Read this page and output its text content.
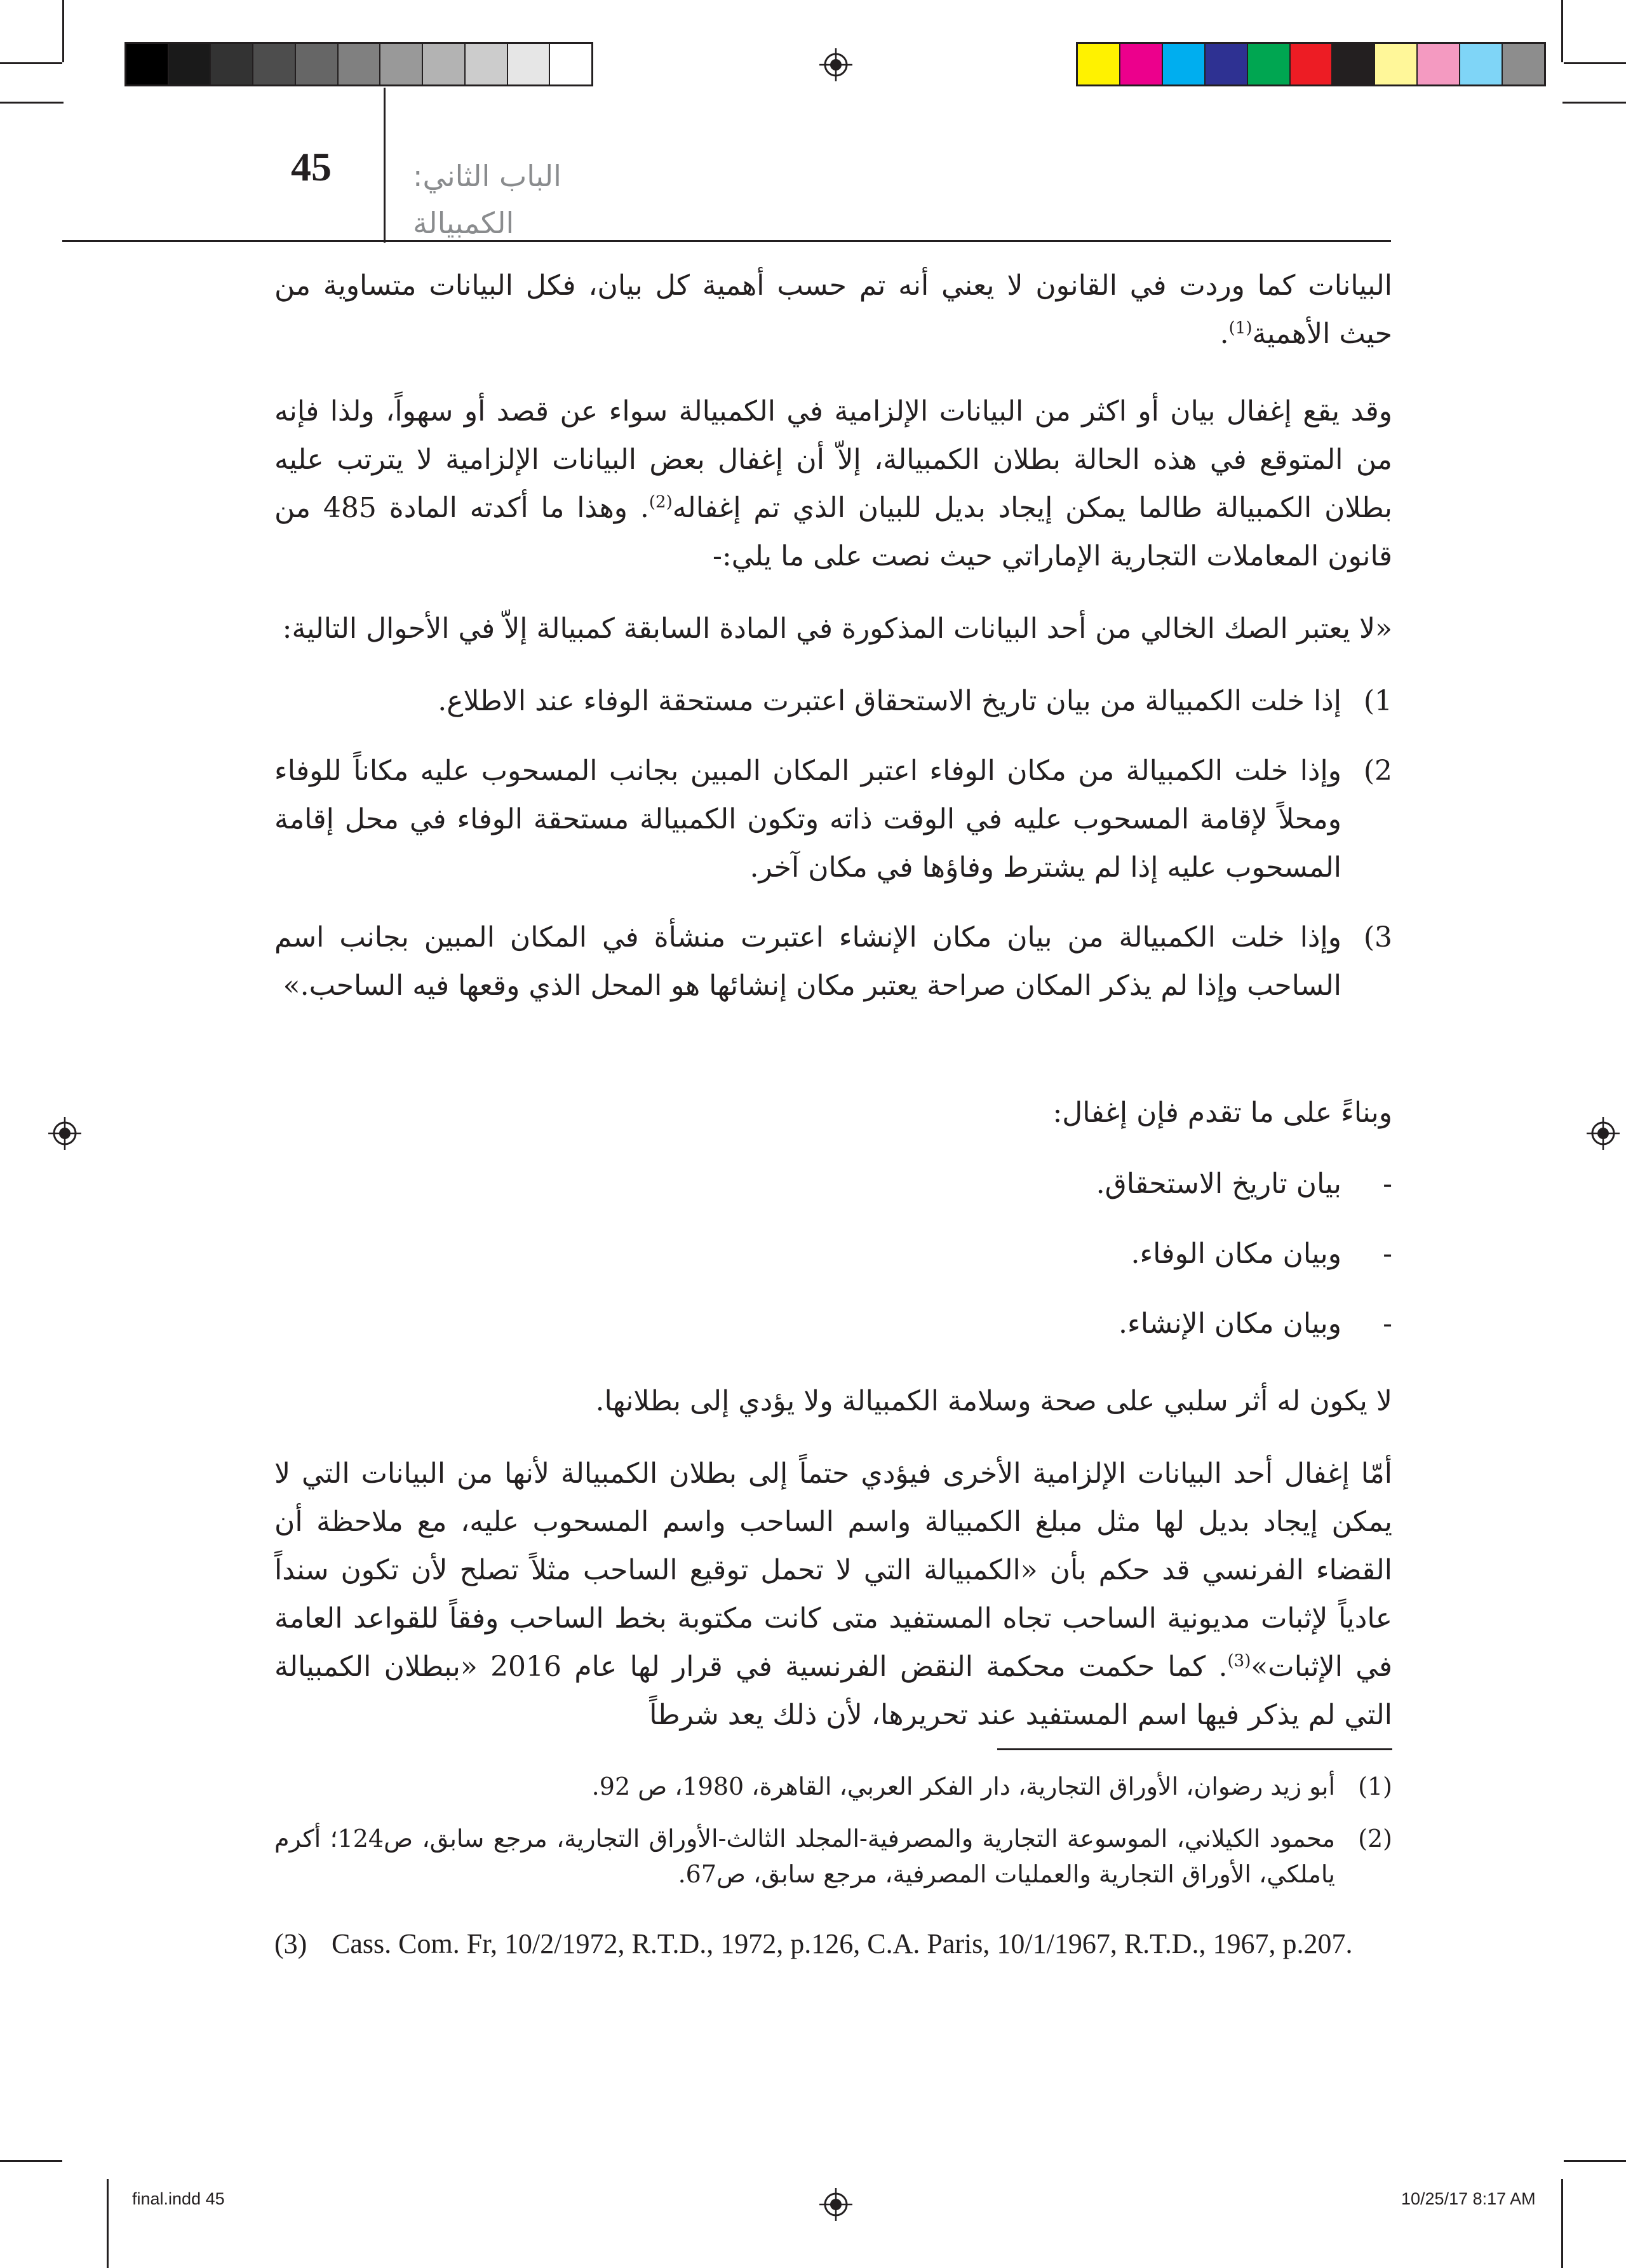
45	الباب الثاني:
الكمبيالة

البيانات كما وردت في القانون لا يعني أنه تم حسب أهمية كل بيان، فكل البيانات متساوية من حيث الأهمية$^{(1)}$.

وقد يقع إغفال بيان أو اكثر من البيانات الإلزامية في الكمبيالة سواء عن قصد أو سهواً، ولذا فإنه من المتوقع في هذه الحالة بطلان الكمبيالة، إلاّ أن إغفال بعض البيانات الإلزامية لا يترتب عليه بطلان الكمبيالة طالما يمكن إيجاد بديل للبيان الذي تم إغفاله$^{(2)}$. وهذا ما أكدته المادة 485 من قانون المعاملات التجارية الإماراتي حيث نصت على ما يلي:-

«لا يعتبر الصك الخالي من أحد البيانات المذكورة في المادة السابقة كمبيالة إلاّ في الأحوال التالية:

1)
إذا خلت الكمبيالة من بيان تاريخ الاستحقاق اعتبرت مستحقة الوفاء عند الاطلاع.
2)
وإذا خلت الكمبيالة من مكان الوفاء اعتبر المكان المبين بجانب المسحوب عليه مكاناً للوفاء ومحلاً لإقامة المسحوب عليه في الوقت ذاته وتكون الكمبيالة مستحقة الوفاء في محل إقامة المسحوب عليه إذا لم يشترط وفاؤها في مكان آخر.
3)
وإذا خلت الكمبيالة من بيان مكان الإنشاء اعتبرت منشأة في المكان المبين بجانب اسم الساحب وإذا لم يذكر المكان صراحة يعتبر مكان إنشائها هو المحل الذي وقعها فيه الساحب.»

وبناءً على ما تقدم فإن إغفال:

-
بيان تاريخ الاستحقاق.
-
وبيان مكان الوفاء.
-
وبيان مكان الإنشاء.

لا يكون له أثر سلبي على صحة وسلامة الكمبيالة ولا يؤدي إلى بطلانها.

أمّا إغفال أحد البيانات الإلزامية الأخرى فيؤدي حتماً إلى بطلان الكمبيالة لأنها من البيانات التي لا يمكن إيجاد بديل لها مثل مبلغ الكمبيالة واسم الساحب واسم المسحوب عليه، مع ملاحظة أن القضاء الفرنسي قد حكم بأن «الكمبيالة التي لا تحمل توقيع الساحب مثلاً تصلح لأن تكون سنداً عادياً لإثبات مديونية الساحب تجاه المستفيد متى كانت مكتوبة بخط الساحب وفقاً للقواعد العامة في الإثبات»$^{(3)}$. كما حكمت محكمة النقض الفرنسية في قرار لها عام 2016 «ببطلان الكمبيالة التي لم يذكر فيها اسم المستفيد عند تحريرها، لأن ذلك يعد شرطاً

(1)
أبو زيد رضوان، الأوراق التجارية، دار الفكر العربي، القاهرة، 1980، ص 92.
(2)
محمود الكيلاني، الموسوعة التجارية والمصرفية-المجلد الثالث-الأوراق التجارية، مرجع سابق، ص124؛ أكرم ياملكي، الأوراق التجارية والعمليات المصرفية، مرجع سابق، ص67.
(3) Cass. Com. Fr, 10/2/1972, R.T.D., 1972, p.126, C.A. Paris, 10/1/1967, R.T.D., 1967, p.207.
final.indd 45	10/25/17 8:17 AM
